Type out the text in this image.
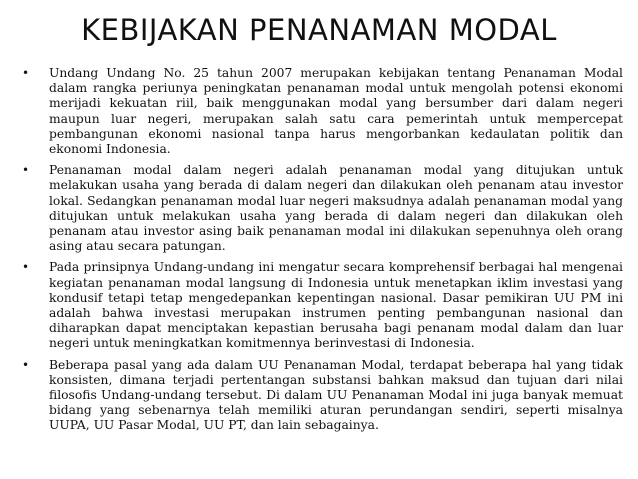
KEBIJAKAN PENANAMAN MODAL
• Undang Undang No. 25 tahun 2007 merupakan kebijakan tentang Penanaman Modal dalam rangka periunya peningkatan penanaman modal untuk mengolah potensi ekonomi merijadi kekuatan riil, baik menggunakan modal yang bersumber dari dalam negeri maupun luar negeri, merupakan salah satu cara pemerintah untuk mempercepat pembangunan ekonomi nasional tanpa harus mengorbankan kedaulatan politik dan ekonomi Indonesia.
• Penanaman modal dalam negeri adalah penanaman modal yang ditujukan untuk melakukan usaha yang berada di dalam negeri dan dilakukan oleh penanam atau investor lokal. Sedangkan penanaman modal luar negeri maksudnya adalah penanaman modal yang ditujukan untuk melakukan usaha yang berada di dalam negeri dan dilakukan oleh penanam atau investor asing baik penanaman modal ini dilakukan sepenuhnya oleh orang asing atau secara patungan.
• Pada prinsipnya Undang-undang ini mengatur secara komprehensif berbagai hal mengenai kegiatan penanaman modal langsung di Indonesia untuk menetapkan iklim investasi yang kondusif tetapi tetap mengedepankan kepentingan nasional. Dasar pemikiran UU PM ini adalah bahwa investasi merupakan instrumen penting pembangunan nasional dan diharapkan dapat menciptakan kepastian berusaha bagi penanam modal dalam dan luar negeri untuk meningkatkan komitmennya berinvestasi di Indonesia.
• Beberapa pasal yang ada dalam UU Penanaman Modal, terdapat beberapa hal yang tidak konsisten, dimana terjadi pertentangan substansi bahkan maksud dan tujuan dari nilai filosofis Undang-undang tersebut. Di dalam UU Penanaman Modal ini juga banyak memuat bidang yang sebenarnya telah memiliki aturan perundangan sendiri, seperti misalnya UUPA, UU Pasar Modal, UU PT, dan lain sebagainya.
